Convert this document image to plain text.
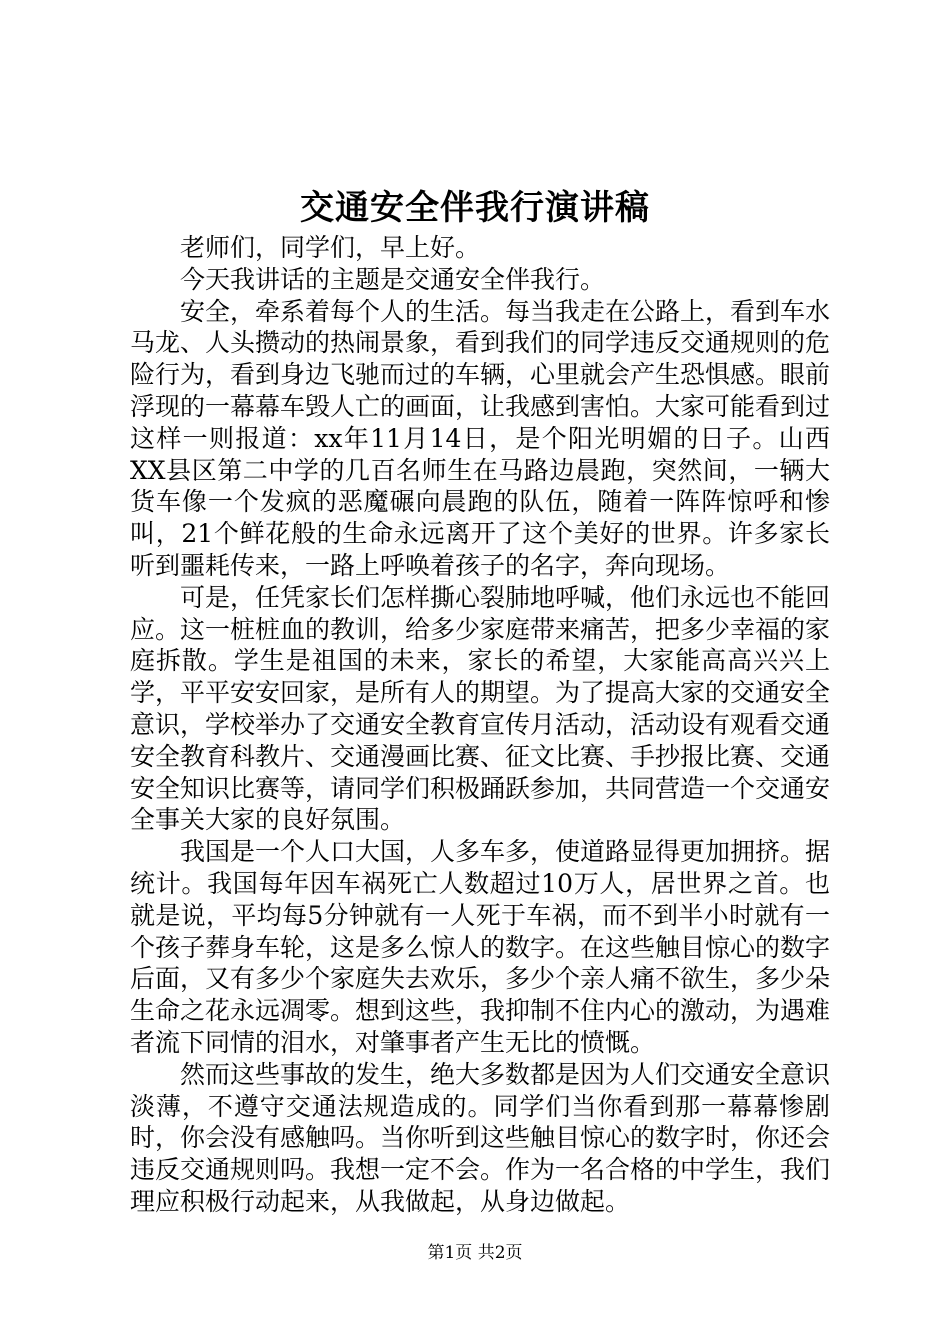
交通安全伴我行演讲稿

老师们，同学们，早上好。

今天我讲话的主题是交通安全伴我行。

安全，牵系着每个人的生活。每当我走在公路上，看到车水马龙、人头攒动的热闹景象，看到我们的同学违反交通规则的危险行为，看到身边飞驰而过的车辆，心里就会产生恐惧感。眼前浮现的一幕幕车毁人亡的画面，让我感到害怕。大家可能看到过这样一则报道：xx年11月14日，是个阳光明媚的日子。山西XX县区第二中学的几百名师生在马路边晨跑，突然间，一辆大货车像一个发疯的恶魔碾向晨跑的队伍，随着一阵阵惊呼和惨叫，21个鲜花般的生命永远离开了这个美好的世界。许多家长听到噩耗传来，一路上呼唤着孩子的名字，奔向现场。

可是，任凭家长们怎样撕心裂肺地呼喊，他们永远也不能回应。这一桩桩血的教训，给多少家庭带来痛苦，把多少幸福的家庭拆散。学生是祖国的未来，家长的希望，大家能高高兴兴上学，平平安安回家，是所有人的期望。为了提高大家的交通安全意识，学校举办了交通安全教育宣传月活动，活动设有观看交通安全教育科教片、交通漫画比赛、征文比赛、手抄报比赛、交通安全知识比赛等，请同学们积极踊跃参加，共同营造一个交通安全事关大家的良好氛围。

我国是一个人口大国，人多车多，使道路显得更加拥挤。据统计。我国每年因车祸死亡人数超过10万人，居世界之首。也就是说，平均每5分钟就有一人死于车祸，而不到半小时就有一个孩子葬身车轮，这是多么惊人的数字。在这些触目惊心的数字后面，又有多少个家庭失去欢乐，多少个亲人痛不欲生，多少朵生命之花永远凋零。想到这些，我抑制不住内心的激动，为遇难者流下同情的泪水，对肇事者产生无比的愤慨。

然而这些事故的发生，绝大多数都是因为人们交通安全意识淡薄，不遵守交通法规造成的。同学们当你看到那一幕幕惨剧时，你会没有感触吗。当你听到这些触目惊心的数字时，你还会违反交通规则吗。我想一定不会。作为一名合格的中学生，我们理应积极行动起来，从我做起，从身边做起。

第1页 共2页
